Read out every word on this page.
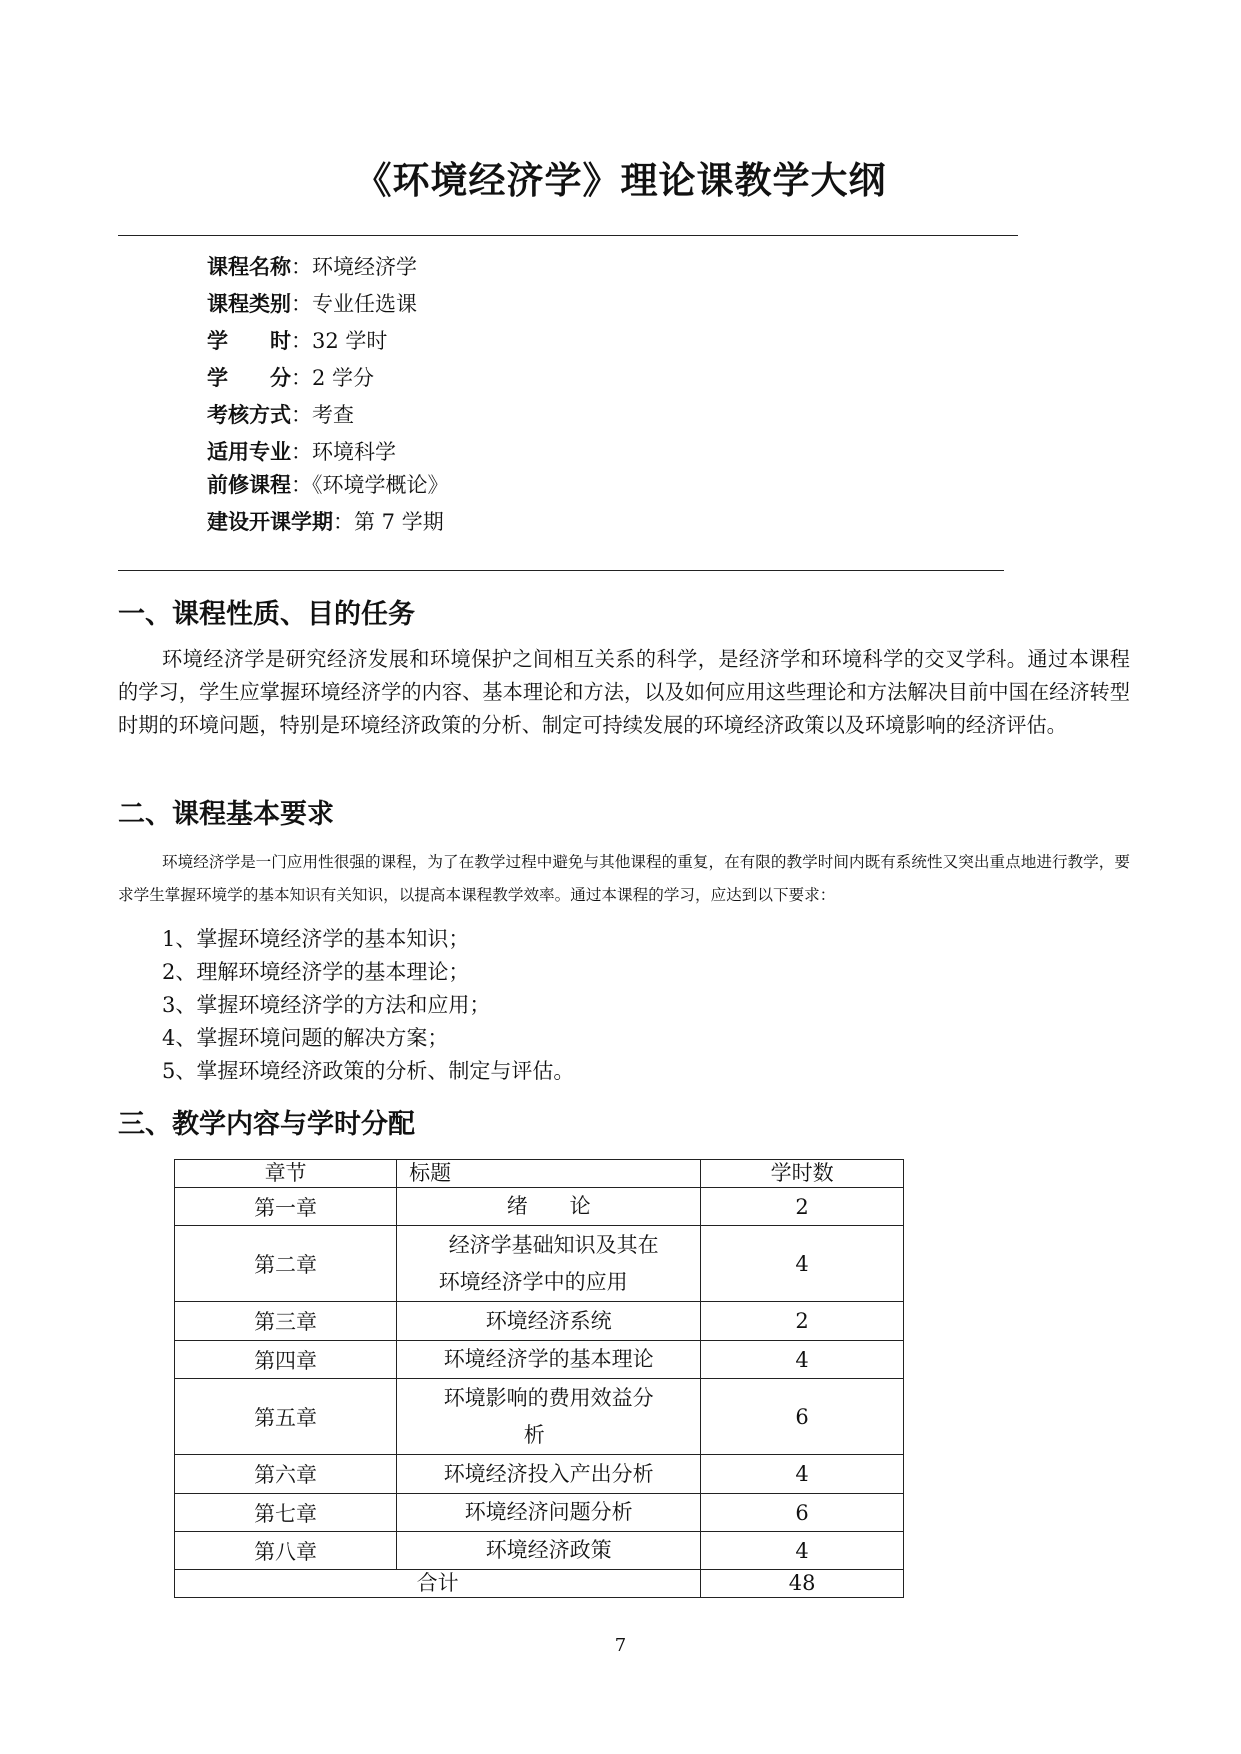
《环境经济学》理论课教学大纲
课程名称：环境经济学
课程类别：专业任选课
学　　时：32 学时
学　　分：2 学分
考核方式：考查
适用专业：环境科学
前修课程：《环境学概论》
建设开课学期：第 7 学期
一、课程性质、目的任务
环境经济学是研究经济发展和环境保护之间相互关系的科学，是经济学和环境科学的交叉学科。通过本课程的学习，学生应掌握环境经济学的内容、基本理论和方法，以及如何应用这些理论和方法解决目前中国在经济转型时期的环境问题，特别是环境经济政策的分析、制定可持续发展的环境经济政策以及环境影响的经济评估。
二、课程基本要求
环境经济学是一门应用性很强的课程，为了在教学过程中避免与其他课程的重复，在有限的教学时间内既有系统性又突出重点地进行教学，要求学生掌握环境学的基本知识有关知识，以提高本课程教学效率。通过本课程的学习，应达到以下要求：
1、掌握环境经济学的基本知识；
2、理解环境经济学的基本理论；
3、掌握环境经济学的方法和应用；
4、掌握环境问题的解决方案；
5、掌握环境经济政策的分析、制定与评估。
三、教学内容与学时分配
章节	标题	学时数
第一章	绪　　论	2
第二章	经济学基础知识及其在
环境经济学中的应用	4
第三章	环境经济系统	2
第四章	环境经济学的基本理论	4
第五章	环境影响的费用效益分
析	6
第六章	环境经济投入产出分析	4
第七章	环境经济问题分析	6
第八章	环境经济政策	4
合计		48
7
